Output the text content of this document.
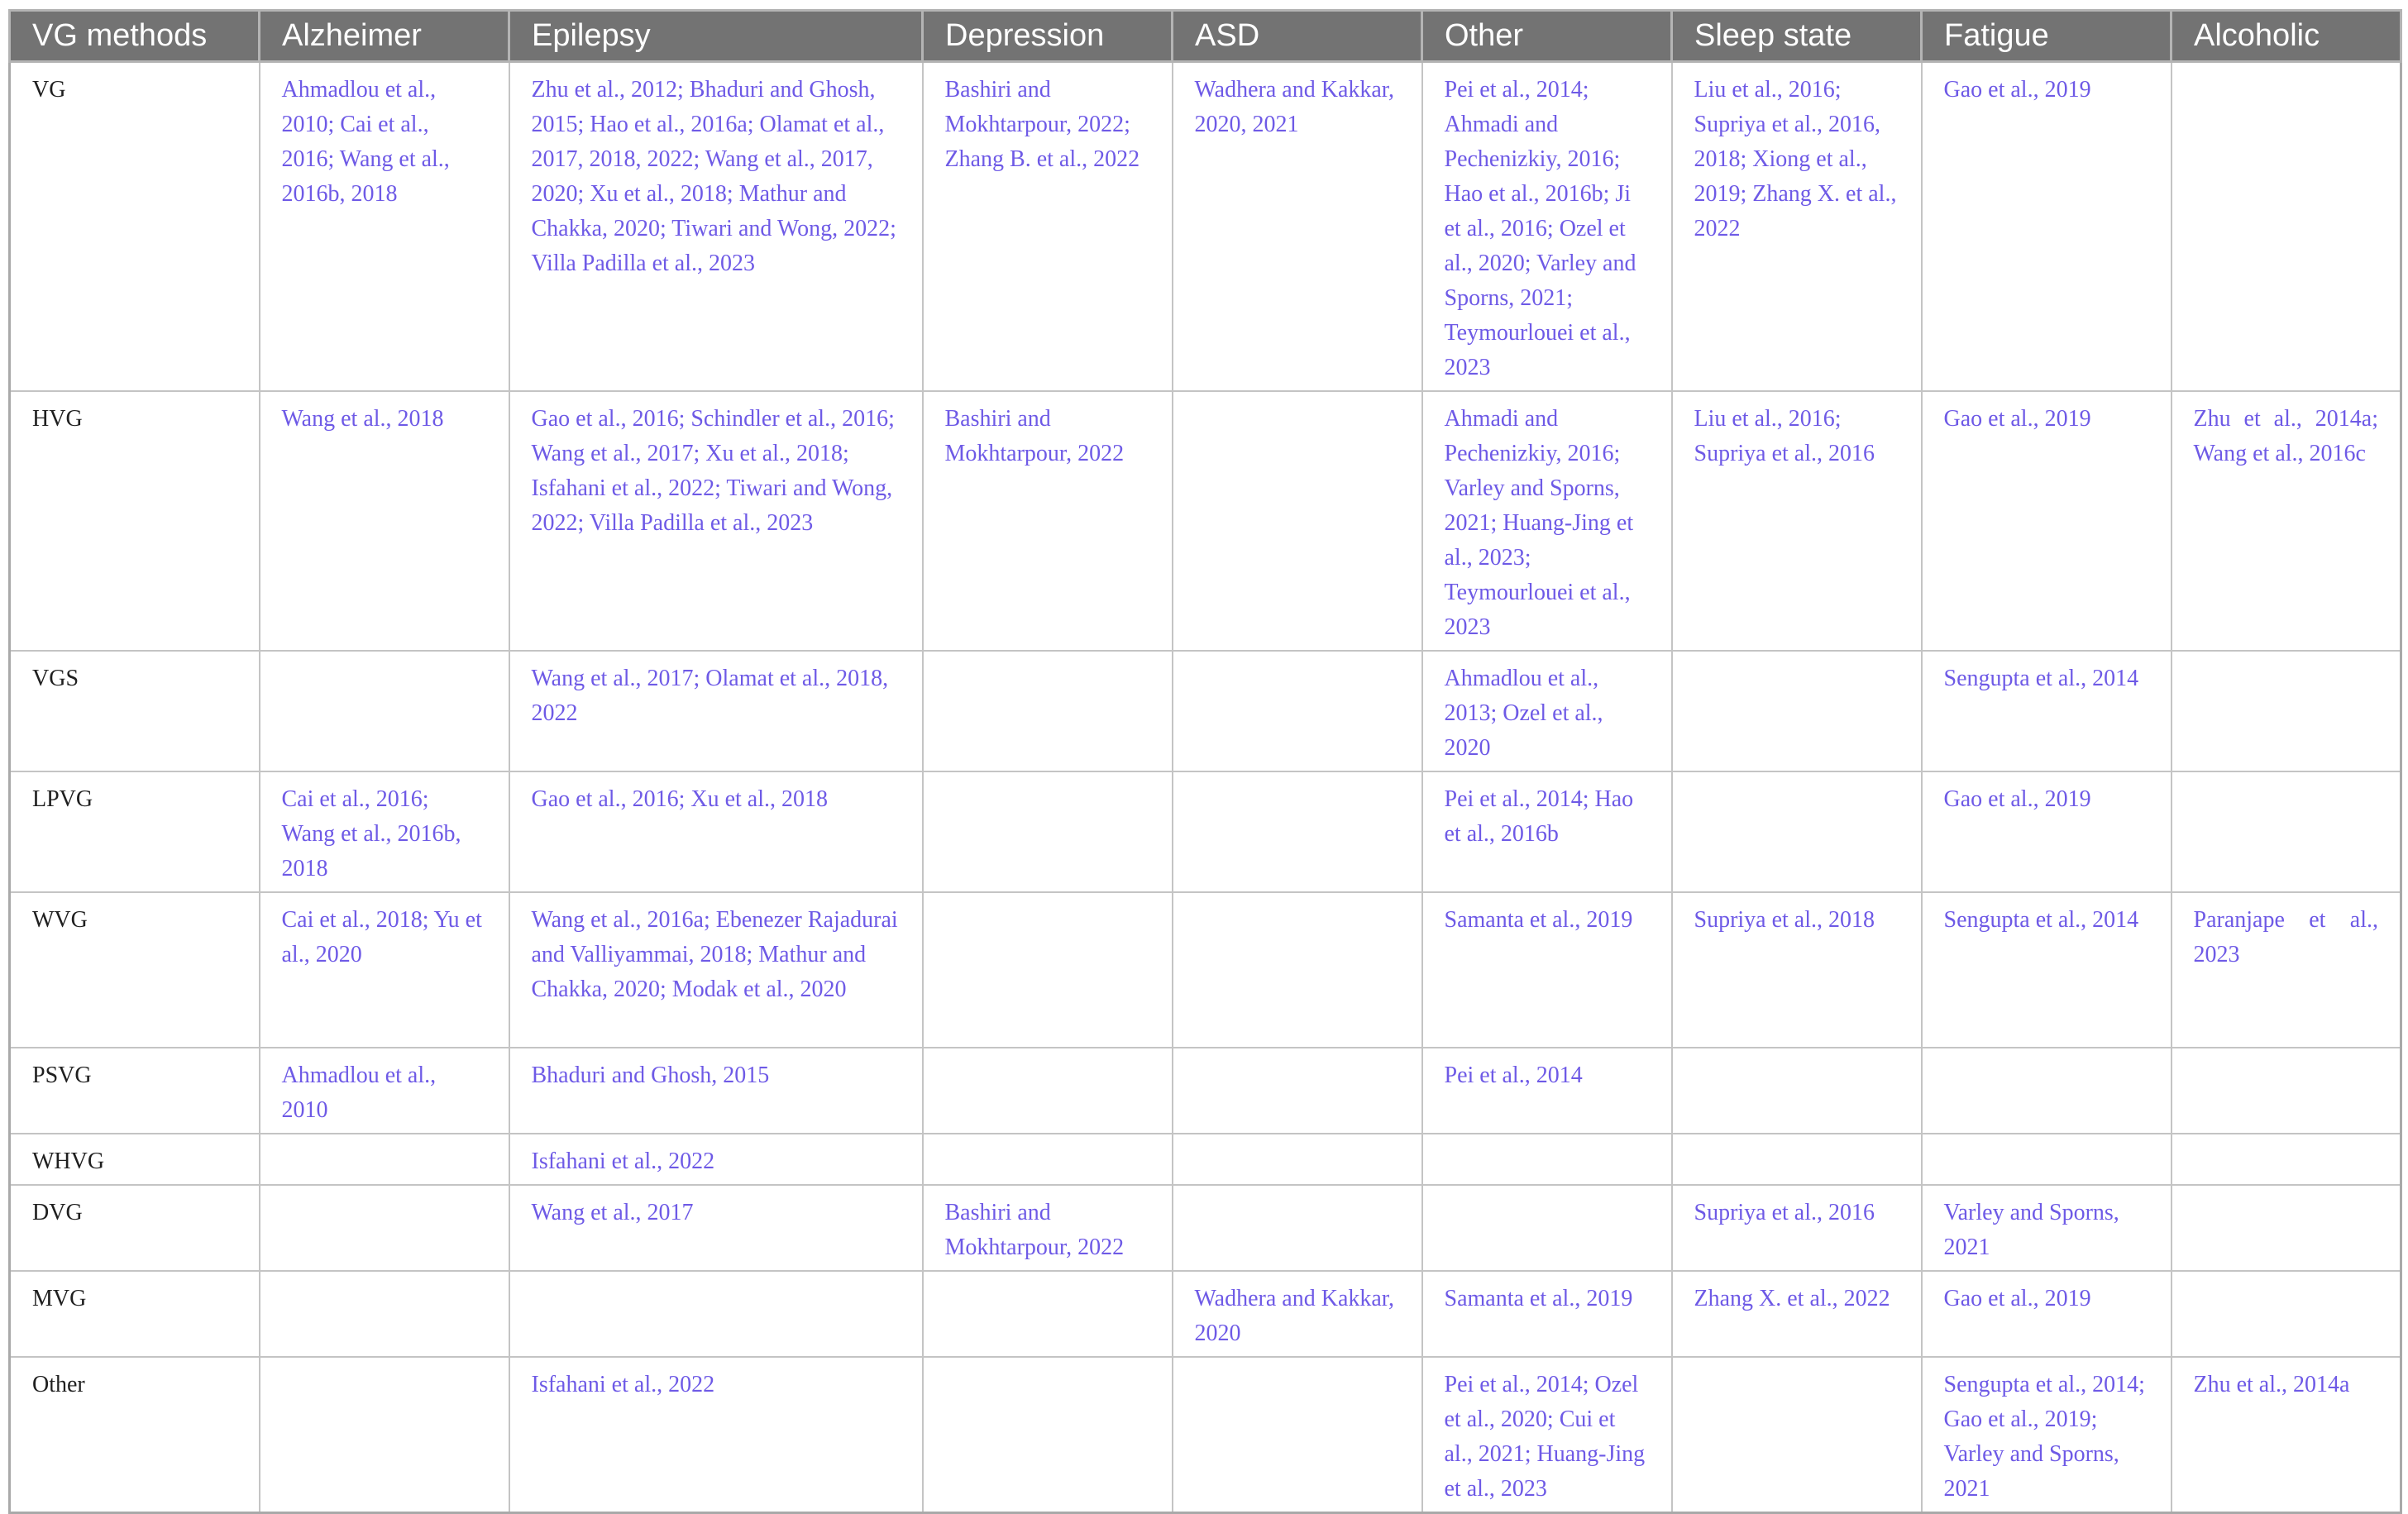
VG methods	Alzheimer	Epilepsy	Depression	ASD	Other	Sleep state	Fatigue	Alcoholic
VG	Ahmadlou et al., 2010; Cai et al., 2016; Wang et al., 2016b, 2018	Zhu et al., 2012; Bhaduri and Ghosh, 2015; Hao et al., 2016a; Olamat et al., 2017, 2018, 2022; Wang et al., 2017, 2020; Xu et al., 2018; Mathur and Chakka, 2020; Tiwari and Wong, 2022; Villa Padilla et al., 2023	Bashiri and Mokhtarpour, 2022; Zhang B. et al., 2022	Wadhera and Kakkar, 2020, 2021	Pei et al., 2014; Ahmadi and Pechenizkiy, 2016; Hao et al., 2016b; Ji et al., 2016; Ozel et al., 2020; Varley and Sporns, 2021; Teymourlouei et al., 2023	Liu et al., 2016; Supriya et al., 2016, 2018; Xiong et al., 2019; Zhang X. et al., 2022	Gao et al., 2019	
HVG	Wang et al., 2018	Gao et al., 2016; Schindler et al., 2016; Wang et al., 2017; Xu et al., 2018; Isfahani et al., 2022; Tiwari and Wong, 2022; Villa Padilla et al., 2023	Bashiri and Mokhtarpour, 2022		Ahmadi and Pechenizkiy, 2016; Varley and Sporns, 2021; Huang-Jing et al., 2023; Teymourlouei et al., 2023	Liu et al., 2016; Supriya et al., 2016	Gao et al., 2019	Zhu et al., 2014a; Wang et al., 2016c
VGS		Wang et al., 2017; Olamat et al., 2018, 2022			Ahmadlou et al., 2013; Ozel et al., 2020		Sengupta et al., 2014	
LPVG	Cai et al., 2016; Wang et al., 2016b, 2018	Gao et al., 2016; Xu et al., 2018			Pei et al., 2014; Hao et al., 2016b		Gao et al., 2019	
WVG	Cai et al., 2018; Yu et al., 2020	Wang et al., 2016a; Ebenezer Rajadurai and Valliyammai, 2018; Mathur and Chakka, 2020; Modak et al., 2020			Samanta et al., 2019	Supriya et al., 2018	Sengupta et al., 2014	Paranjape et al., 2023
PSVG	Ahmadlou et al., 2010	Bhaduri and Ghosh, 2015			Pei et al., 2014			
WHVG		Isfahani et al., 2022						
DVG		Wang et al., 2017	Bashiri and Mokhtarpour, 2022			Supriya et al., 2016	Varley and Sporns, 2021	
MVG				Wadhera and Kakkar, 2020	Samanta et al., 2019	Zhang X. et al., 2022	Gao et al., 2019	
Other		Isfahani et al., 2022			Pei et al., 2014; Ozel et al., 2020; Cui et al., 2021; Huang-Jing et al., 2023		Sengupta et al., 2014; Gao et al., 2019; Varley and Sporns, 2021	Zhu et al., 2014a
